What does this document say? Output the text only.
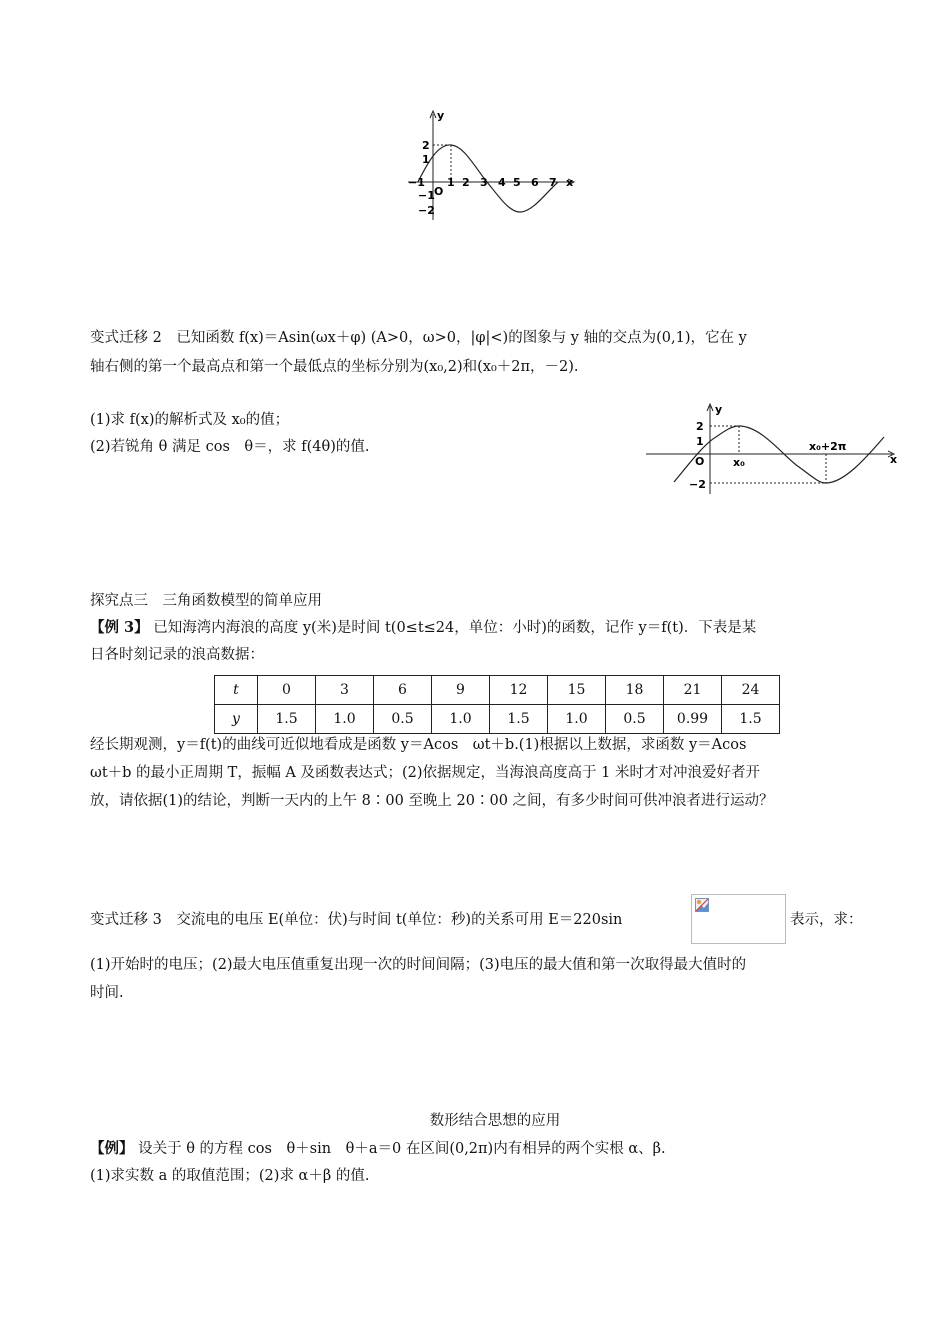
y
x
O
2
1
−1
−2
−1 1 2 3 4 5 6 7
变式迁移 2　已知函数 f(x)＝Asin(ωx＋φ) (A>0，ω>0，|φ|<)的图象与 y 轴的交点为(0,1)，它在 y
轴右侧的第一个最高点和第一个最低点的坐标分别为(x₀,2)和(x₀＋2π，－2).
(1)求 f(x)的解析式及 x₀的值；
(2)若锐角 θ 满足 cos　θ＝，求 f(4θ)的值.
y
x
O
2
1
−2
x₀
x₀+2π
探究点三　三角函数模型的简单应用
【例 3】 已知海湾内海浪的高度 y(米)是时间 t(0≤t≤24，单位：小时)的函数，记作 y＝f(t)．下表是某
日各时刻记录的浪高数据：
t	0	3	6	9	12	15	18	21	24
y	1.5	1.0	0.5	1.0	1.5	1.0	0.5	0.99	1.5
经长期观测，y＝f(t)的曲线可近似地看成是函数 y＝Acos　ωt＋b.(1)根据以上数据，求函数 y＝Acos
ωt＋b 的最小正周期 T，振幅 A 及函数表达式；(2)依据规定，当海浪高度高于 1 米时才对冲浪爱好者开
放，请依据(1)的结论，判断一天内的上午 8∶00 至晚上 20∶00 之间，有多少时间可供冲浪者进行运动？
变式迁移 3　交流电的电压 E(单位：伏)与时间 t(单位：秒)的关系可用 E＝220sin	表示，求：
(1)开始时的电压；(2)最大电压值重复出现一次的时间间隔；(3)电压的最大值和第一次取得最大值时的
时间.
数形结合思想的应用
【例】 设关于 θ 的方程 cos　θ＋sin　θ＋a＝0 在区间(0,2π)内有相异的两个实根 α、β.
(1)求实数 a 的取值范围；(2)求 α＋β 的值.
